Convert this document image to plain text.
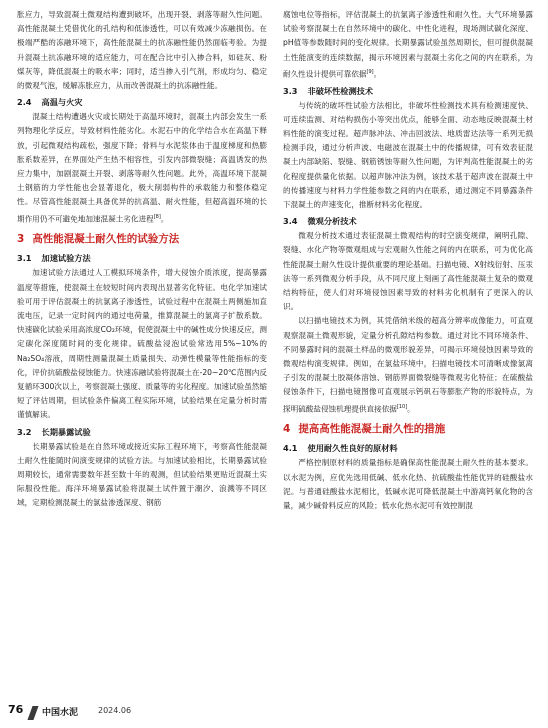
胀应力，导致混凝土微观结构遭到破坏，出现开裂、剥落等耐久性问题。高性能混凝土凭借优化的孔结构和低渗透性，可以有效减少冻融损伤。在极端严酷的冻融环境下，高性能混凝土的抗冻融性能仍然面临考验。为提升混凝土抗冻融环境的适应能力，可在配合比中引入掺合料，如硅灰、粉煤灰等，降低混凝土的吸水率；同时，适当掺入引气剂，形成均匀、稳定的微观气泡，缓解冻胀应力，从而改善混凝土的抗冻融性能。

2.4 高温与火灾

混凝土结构遭遇火灾或长期处于高温环境时，混凝土内部会发生一系列物理化学反应，导致材料性能劣化。水泥石中的化学结合水在高温下释放，引起微观结构疏松，强度下降；骨料与水泥浆体由于温度梯度和热膨胀系数差异，在界面处产生热不相容性，引发内部微裂缝；高温诱发的热应力集中，加剧混凝土开裂、剥落等耐久性问题。此外，高温环境下混凝土钢筋的力学性能也会显著退化，极大削弱构件的承载能力和整体稳定性。尽管高性能混凝土具备优异的抗高温、耐火性能，但超高温环境的长期作用仍不可避免地加速混凝土劣化进程[8]。

3 高性能混凝土耐久性的试验方法
3.1 加速试验方法

加速试验方法通过人工模拟环境条件，增大侵蚀介质浓度，提高暴露温度等措施，使混凝土在较短时间内表现出显著劣化特征。电化学加速试验可用于评估混凝土的抗氯离子渗透性，试验过程中在混凝土两侧施加直流电压，记录一定时间内的通过电荷量，推算混凝土的氯离子扩散系数。快速碳化试验采用高浓度CO₂环境，促使混凝土中的碱性成分快速反应，测定碳化深度随时间的变化规律。硫酸盐浸泡试验常选用5%~10%的Na₂SO₄溶液，周期性测量混凝土质量损失、动弹性模量等性能指标的变化，评价抗硫酸盐侵蚀能力。快速冻融试验将混凝土在-20~20℃范围内反复循环300次以上，考察混凝土强度、质量等的劣化程度。加速试验虽然缩短了评估周期，但试验条件偏离工程实际环境，试验结果在定量分析时需谨慎解读。

3.2 长期暴露试验

长期暴露试验是在自然环境或接近实际工程环境下，考察高性能混凝土耐久性能随时间演变规律的试验方法。与加速试验相比，长期暴露试验周期较长，通常需要数年甚至数十年的观测，但试验结果更贴近混凝土实际服役性能。海洋环境暴露试验将混凝土试件置于潮汐、浪溅等不同区域，定期检测混凝土的氯盐渗透深度、钢筋

腐蚀电位等指标，评估混凝土的抗氯离子渗透性和耐久性。大气环境暴露试验考察混凝土在自然环境中的碳化、中性化进程，现场测试碳化深度、pH值等参数随时间的变化规律。长期暴露试验虽然周期长，但可提供混凝土性能演变的连续数据，揭示环境因素与混凝土劣化之间的内在联系，为耐久性设计提供可靠依据[9]。

3.3 非破坏性检测技术

与传统的破坏性试验方法相比，非破坏性检测技术具有检测速度快、可连续监测、对结构损伤小等突出优点，能够全面、动态地反映混凝土材料性能的演变过程。超声脉冲法、冲击回波法、地质雷达法等一系列无损检测手段，通过分析声波、电磁波在混凝土中的传播规律，可有效表征混凝土内部缺陷、裂缝、钢筋锈蚀等耐久性问题，为评判高性能混凝土的劣化程度提供量化依据。以超声脉冲法为例，该技术基于超声波在混凝土中的传播速度与材料力学性能参数之间的内在联系，通过测定不同暴露条件下混凝土的声速变化，推断材料劣化程度。

3.4 微观分析技术

微观分析技术通过表征混凝土微观结构的时空演变规律，阐明孔隙、裂缝、水化产物等微观组成与宏观耐久性能之间的内在联系，可为优化高性能混凝土耐久性设计提供重要的理论基础。扫描电镜、X射线衍射、压汞法等一系列微观分析手段，从不同尺度上刻画了高性能混凝土复杂的微观结构特征，使人们对环境侵蚀因素导致的材料劣化机制有了更深入的认识。

以扫描电镜技术为例，其凭借纳米级的超高分辨率成像能力，可直观观察混凝土微观形貌，定量分析孔隙结构参数。通过对比不同环境条件、不同暴露时间的混凝土样品的微观形貌差异，可揭示环境侵蚀因素导致的微观结构演变规律。例如，在氯盐环境中，扫描电镜技术可清晰成像氯离子引发的混凝土胶凝体溶蚀、钢筋界面微裂缝等微观劣化特征；在硫酸盐侵蚀条件下，扫描电镜图像可直观展示钙矾石等膨胀产物的形貌特点，为探明硫酸盐侵蚀机理提供直接依据[10]。

4 提高高性能混凝土耐久性的措施
4.1 使用耐久性良好的原材料

严格控制原材料的质量指标是确保高性能混凝土耐久性的基本要求。以水泥为例，应优先选用低碱、低水化热、抗硫酸盐性能优异的硅酸盐水泥。与普通硅酸盐水泥相比，低碱水泥可降低混凝土中游离钙氧化物的含量，减少碱骨料反应的风险；低水化热水泥可有效控制混

76 中国水泥 2024.06
